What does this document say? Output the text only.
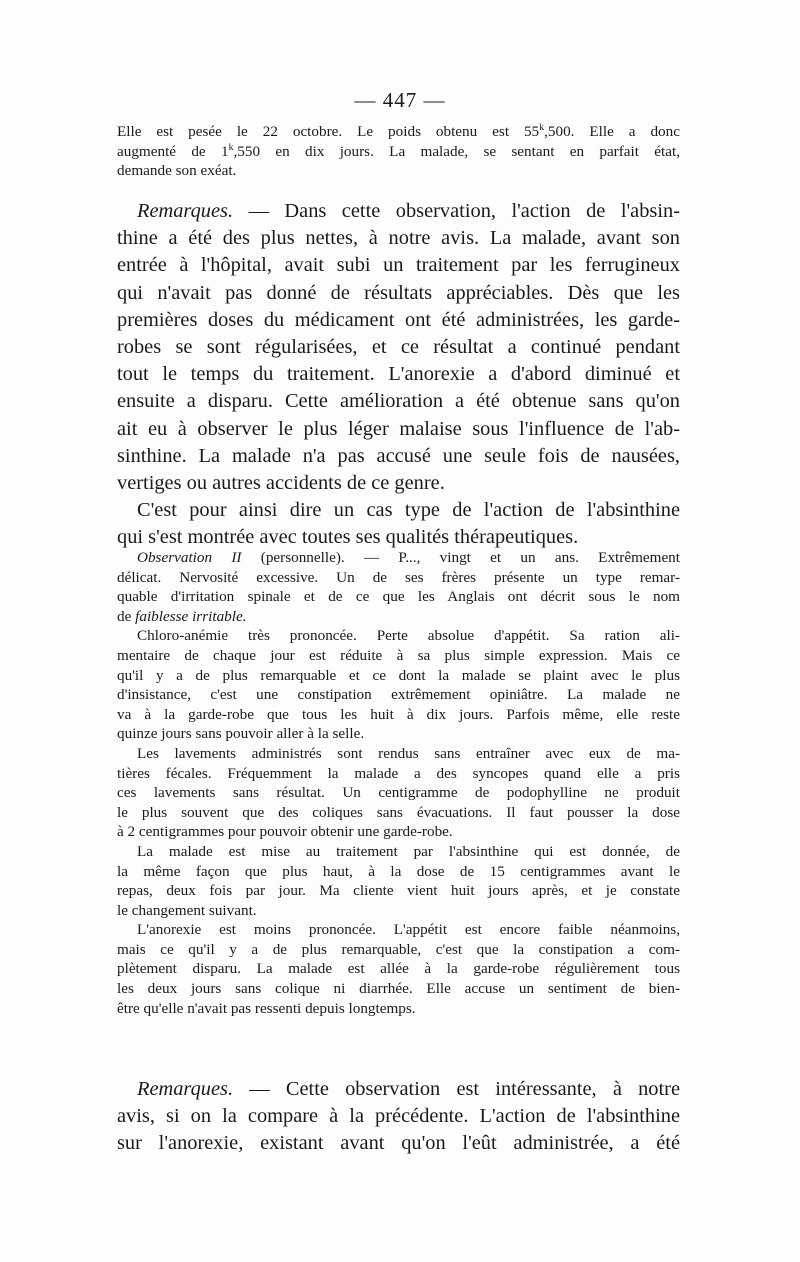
— 447 —
Elle est pesée le 22 octobre. Le poids obtenu est 55$^k$,500. Elle a donc
augmenté de 1$^k$,550 en dix jours. La malade, se sentant en parfait état,
demande son exéat.
Remarques. — Dans cette observation, l'action de l'absin-
thine a été des plus nettes, à notre avis. La malade, avant son
entrée à l'hôpital, avait subi un traitement par les ferrugineux
qui n'avait pas donné de résultats appréciables. Dès que les
premières doses du médicament ont été administrées, les garde-
robes se sont régularisées, et ce résultat a continué pendant
tout le temps du traitement. L'anorexie a d'abord diminué et
ensuite a disparu. Cette amélioration a été obtenue sans qu'on
ait eu à observer le plus léger malaise sous l'influence de l'ab-
sinthine. La malade n'a pas accusé une seule fois de nausées,
vertiges ou autres accidents de ce genre.
C'est pour ainsi dire un cas type de l'action de l'absinthine
qui s'est montrée avec toutes ses qualités thérapeutiques.
Observation II (personnelle). — P..., vingt et un ans. Extrêmement
délicat. Nervosité excessive. Un de ses frères présente un type remar-
quable d'irritation spinale et de ce que les Anglais ont décrit sous le nom
de faiblesse irritable.
Chloro-anémie très prononcée. Perte absolue d'appétit. Sa ration ali-
mentaire de chaque jour est réduite à sa plus simple expression. Mais ce
qu'il y a de plus remarquable et ce dont la malade se plaint avec le plus
d'insistance, c'est une constipation extrêmement opiniâtre. La malade ne
va à la garde-robe que tous les huit à dix jours. Parfois même, elle reste
quinze jours sans pouvoir aller à la selle.
Les lavements administrés sont rendus sans entraîner avec eux de ma-
tières fécales. Fréquemment la malade a des syncopes quand elle a pris
ces lavements sans résultat. Un centigramme de podophylline ne produit
le plus souvent que des coliques sans évacuations. Il faut pousser la dose
à 2 centigrammes pour pouvoir obtenir une garde-robe.
La malade est mise au traitement par l'absinthine qui est donnée, de
la même façon que plus haut, à la dose de 15 centigrammes avant le
repas, deux fois par jour. Ma cliente vient huit jours après, et je constate
le changement suivant.
L'anorexie est moins prononcée. L'appétit est encore faible néanmoins,
mais ce qu'il y a de plus remarquable, c'est que la constipation a com-
plètement disparu. La malade est allée à la garde-robe régulièrement tous
les deux jours sans colique ni diarrhée. Elle accuse un sentiment de bien-
être qu'elle n'avait pas ressenti depuis longtemps.
Remarques. — Cette observation est intéressante, à notre
avis, si on la compare à la précédente. L'action de l'absinthine
sur l'anorexie, existant avant qu'on l'eût administrée, a été
